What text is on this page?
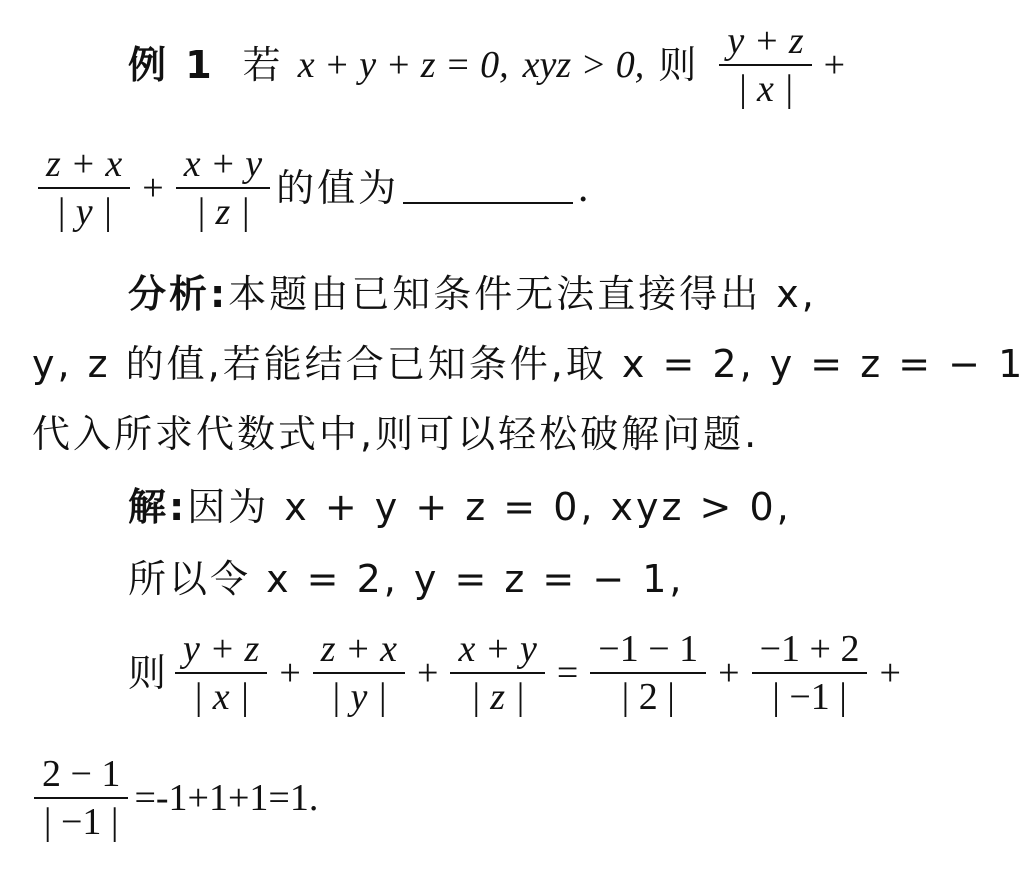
例 1 若 x + y + z = 0, xyz > 0, 则 $\frac{y + z}{| x |}$ +
$\frac{z + x}{| y |} + \frac{x + y}{| z |}$ 的值为	.
分析: 本题由已知条件无法直接得出 x,
y, z 的值,若能结合已知条件,取 x = 2, y = z = − 1
代入所求代数式中,则可以轻松破解问题.
解: 因为 x + y + z = 0, xyz > 0,
所以令 x = 2, y = z = − 1,
则 $\frac{y + z}{| x |} + \frac{z + x}{| y |} + \frac{x + y}{| z |} = \frac{-1 - 1}{| 2 |} + \frac{-1 + 2}{| -1 |}$ +
$\frac{2 - 1}{| -1 |} =-1+1+1=1$.
